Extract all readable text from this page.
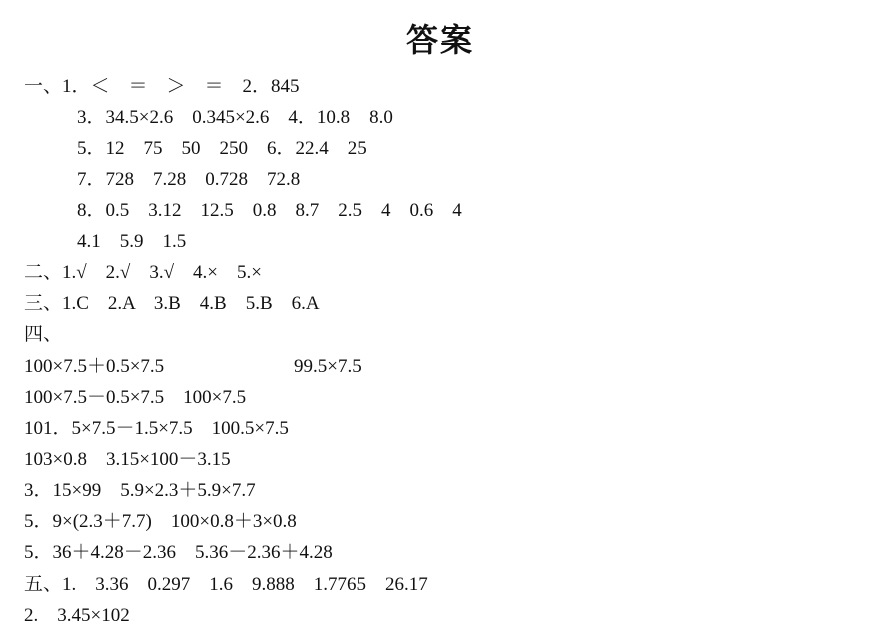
答案
一、1．＜　＝　＞　＝　2．845
3．34.5×2.6　0.345×2.6　4．10.8　8.0
5．12　75　50　250　6．22.4　25
7．728　7.28　0.728　72.8
8．0.5　3.12　12.5　0.8　8.7　2.5　4　0.6　4
4.1　5.9　1.5
二、1.√　2.√　3.√　4.×　5.×
三、1.C　2.A　3.B　4.B　5.B　6.A
四、
100×7.5＋0.5×7.5	99.5×7.5
100×7.5－0.5×7.5　100×7.5
101．5×7.5－1.5×7.5　100.5×7.5
103×0.8　3.15×100－3.15
3．15×99　5.9×2.3＋5.9×7.7
5．9×(2.3＋7.7)　100×0.8＋3×0.8
5．36＋4.28－2.36　5.36－2.36＋4.28
五、1.　3.36　0.297　1.6　9.888　1.7765　26.17
2.　3.45×102
